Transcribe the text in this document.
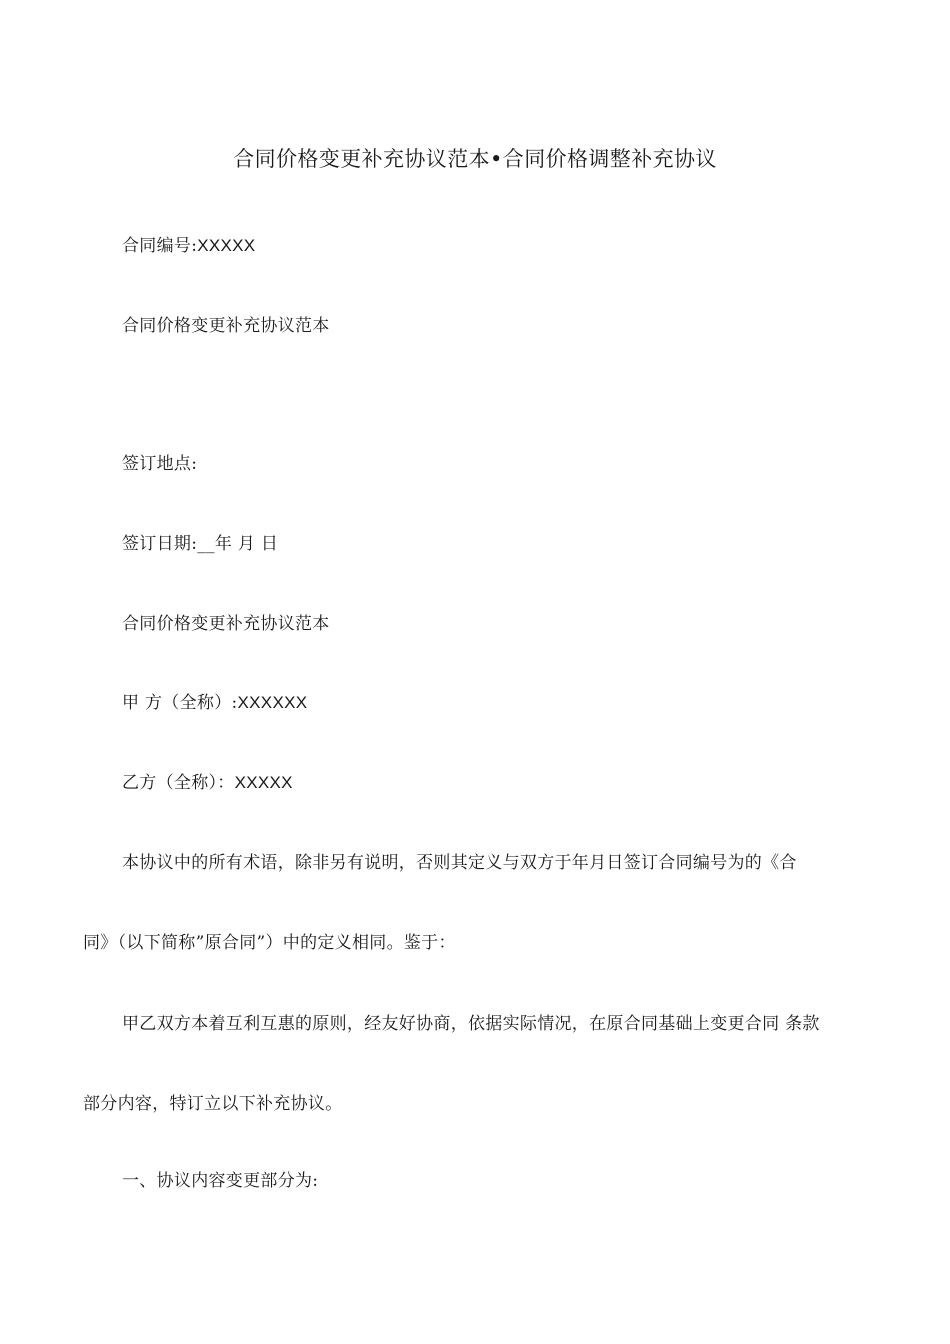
合同价格变更补充协议范本•合同价格调整补充协议
合同编号:XXXXX
合同价格变更补充协议范本
签订地点:
签订日期:__年 月 日
合同价格变更补充协议范本
甲 方（全称）:XXXXXX
乙方（全称）：XXXXX
本协议中的所有术语，除非另有说明，否则其定义与双方于年月日签订合同编号为的《合
同》（以下简称”原合同”）中的定义相同。鉴于：
甲乙双方本着互利互惠的原则，经友好协商，依据实际情况，在原合同基础上变更合同 条款
部分内容，特订立以下补充协议。
一、协议内容变更部分为:
